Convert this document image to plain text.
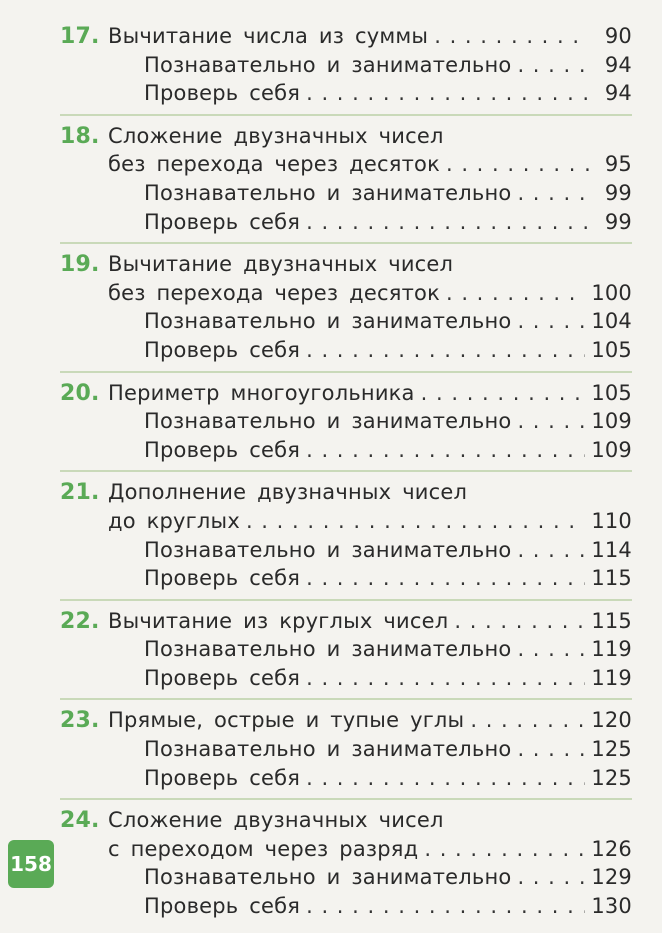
17. Вычитание числа из суммы . . .	90
Познавательно и занимательно . . .	94
Проверь себя . . .	94
18. Сложение двузначных чисел
без перехода через десяток . . .	95
Познавательно и занимательно . . .	99
Проверь себя . . .	99
19. Вычитание двузначных чисел
без перехода через десяток . . .	100
Познавательно и занимательно . . .	104
Проверь себя . . .	105
20. Периметр многоугольника . . .	105
Познавательно и занимательно . . .	109
Проверь себя . . .	109
21. Дополнение двузначных чисел
до круглых . . .	110
Познавательно и занимательно . . .	114
Проверь себя . . .	115
22. Вычитание из круглых чисел . . .	115
Познавательно и занимательно . . .	119
Проверь себя . . .	119
23. Прямые, острые и тупые углы . . .	120
Познавательно и занимательно . . .	125
Проверь себя . . .	125
24. Сложение двузначных чисел
с переходом через разряд . . .	126
Познавательно и занимательно . . .	129
Проверь себя . . .	130
158
